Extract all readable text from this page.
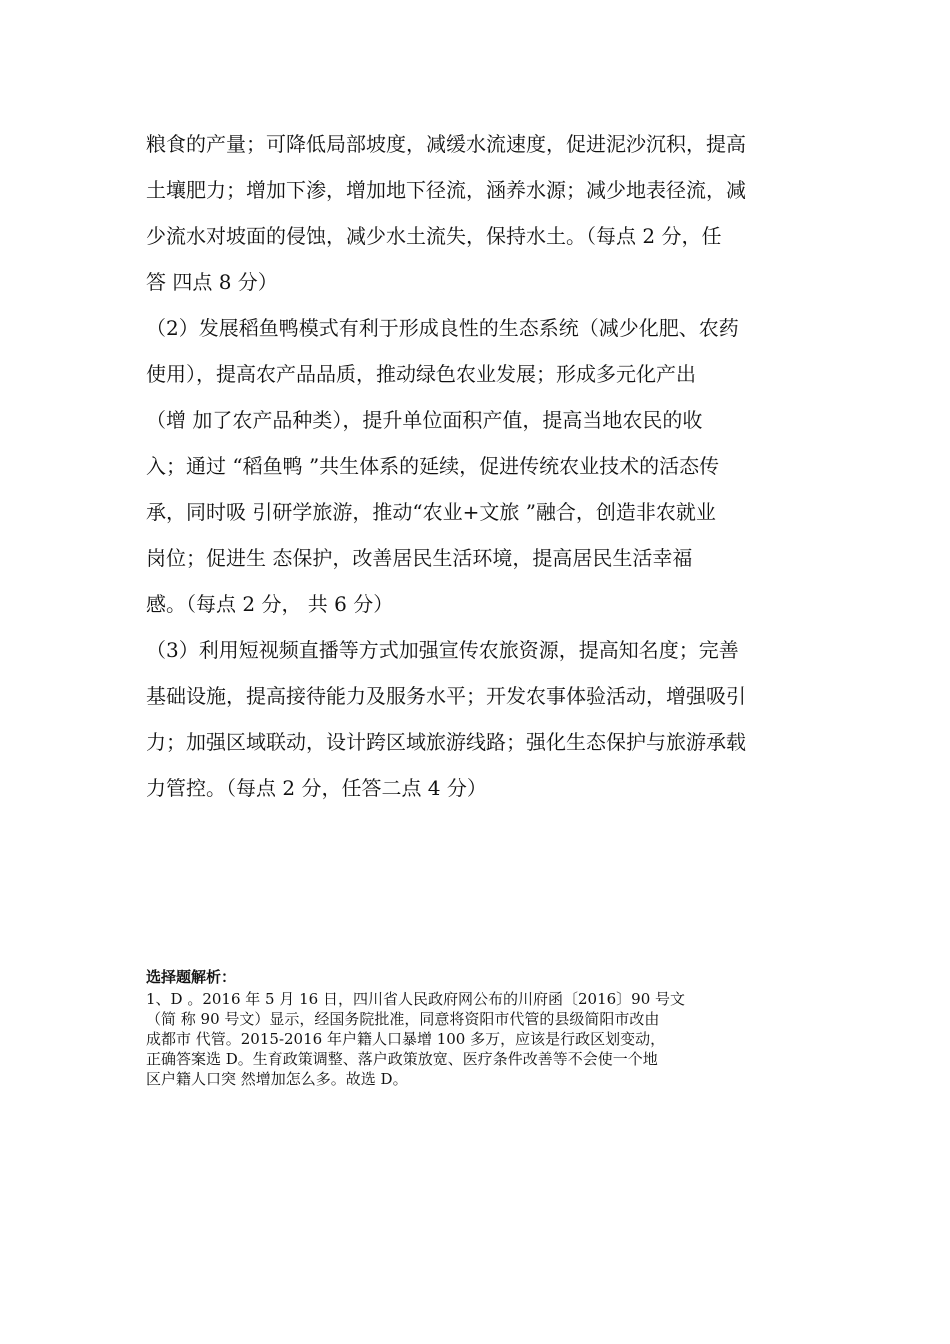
粮食的产量；可降低局部坡度，减缓水流速度，促进泥沙沉积，提高
土壤肥力；增加下渗，增加地下径流，涵养水源；减少地表径流，减
少流水对坡面的侵蚀，减少水土流失，保持水土。（每点 2 分，任
答 四点 8 分）
（2）发展稻鱼鸭模式有利于形成良性的生态系统（减少化肥、农药
使用），提高农产品品质，推动绿色农业发展；形成多元化产出
（增 加了农产品种类），提升单位面积产值，提高当地农民的收
入；通过 “稻鱼鸭 ”共生体系的延续，促进传统农业技术的活态传
承，同时吸 引研学旅游，推动“农业+文旅 ”融合，创造非农就业
岗位；促进生 态保护，改善居民生活环境，提高居民生活幸福
感。（每点 2 分， 共 6 分）
（3）利用短视频直播等方式加强宣传农旅资源，提高知名度；完善
基础设施，提高接待能力及服务水平；开发农事体验活动，增强吸引
力；加强区域联动，设计跨区域旅游线路；强化生态保护与旅游承载
力管控。（每点 2 分，任答二点 4 分）
选择题解析：
1、D 。2016 年 5 月 16 日，四川省人民政府网公布的川府函〔2016〕90 号文
（简 称 90 号文）显示，经国务院批准，同意将资阳市代管的县级简阳市改由
成都市 代管。2015-2016 年户籍人口暴增 100 多万，应该是行政区划变动，
正确答案选 D。生育政策调整、落户政策放宽、医疗条件改善等不会使一个地
区户籍人口突 然增加怎么多。故选 D。
